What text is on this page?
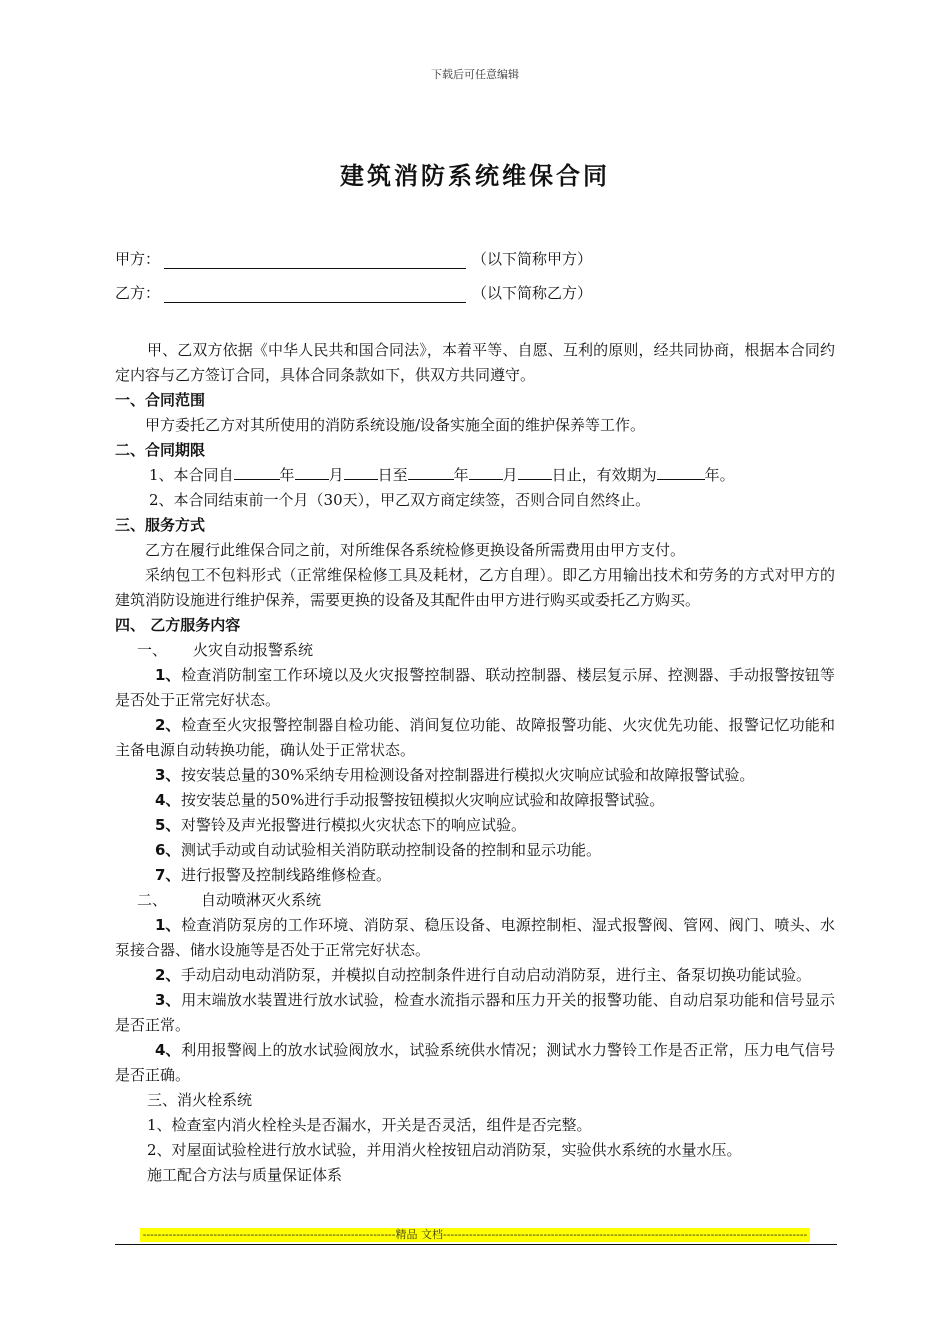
下载后可任意编辑
建筑消防系统维保合同
甲方：	（以下简称甲方）
乙方：	（以下简称乙方）

甲、乙双方依据《中华人民共和国合同法》，本着平等、自愿、互利的原则，经共同协商，根据本合同约定内容与乙方签订合同，具体合同条款如下，供双方共同遵守。

一、合同范围

甲方委托乙方对其所使用的消防系统设施/设备实施全面的维护保养等工作。

二、合同期限

1、本合同自	年 月 日至	年 月 日止，有效期为	年。

2、本合同结束前一个月（30天），甲乙双方商定续签，否则合同自然终止。

三、服务方式

乙方在履行此维保合同之前，对所维保各系统检修更换设备所需费用由甲方支付。

采纳包工不包料形式（正常维保检修工具及耗材，乙方自理）。即乙方用输出技术和劳务的方式对甲方的建筑消防设施进行维护保养，需要更换的设备及其配件由甲方进行购买或委托乙方购买。

四、 乙方服务内容

一、 火灾自动报警系统

1、检查消防制室工作环境以及火灾报警控制器、联动控制器、楼层复示屏、控测器、手动报警按钮等是否处于正常完好状态。

2、检查至火灾报警控制器自检功能、消间复位功能、故障报警功能、火灾优先功能、报警记忆功能和主备电源自动转换功能，确认处于正常状态。

3、按安装总量的30%采纳专用检测设备对控制器进行模拟火灾响应试验和故障报警试验。

4、按安装总量的50%进行手动报警按钮模拟火灾响应试验和故障报警试验。

5、对警铃及声光报警进行模拟火灾状态下的响应试验。

6、测试手动或自动试验相关消防联动控制设备的控制和显示功能。

7、进行报警及控制线路维修检查。

二、 自动喷淋灭火系统

1、检查消防泵房的工作环境、消防泵、稳压设备、电源控制柜、湿式报警阀、管网、阀门、喷头、水泵接合器、储水设施等是否处于正常完好状态。

2、手动启动电动消防泵，并模拟自动控制条件进行自动启动消防泵，进行主、备泵切换功能试验。

3、用末端放水装置进行放水试验，检查水流指示器和压力开关的报警功能、自动启泵功能和信号显示是否正常。

4、利用报警阀上的放水试验阀放水，试验系统供水情况；测试水力警铃工作是否正常，压力电气信号是否正确。

三、消火栓系统

1、检查室内消火栓栓头是否漏水，开关是否灵活，组件是否完整。

2、对屋面试验栓进行放水试验，并用消火栓按钮启动消防泵，实验供水系统的水量水压。

施工配合方法与质量保证体系

--------------------------------------------------------------------精品 文档--------------------------------------------------------------------------------------------------
